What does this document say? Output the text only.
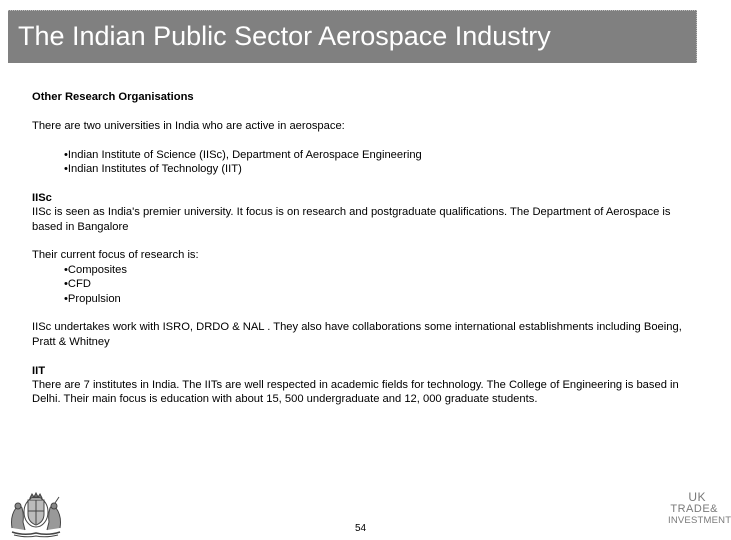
The Indian Public Sector Aerospace Industry

Other Research Organisations

There are two universities in India who are active in aerospace:

•Indian Institute of Science (IISc), Department of Aerospace Engineering

•Indian Institutes of Technology (IIT)

IISc

IISc is seen as India's premier university. It focus is on research and postgraduate qualifications. The Department of Aerospace is based in Bangalore

Their current focus of research is:

•Composites

•CFD

•Propulsion

IISc undertakes work with ISRO, DRDO & NAL . They also have collaborations some international establishments including Boeing, Pratt & Whitney

IIT

There are 7 institutes in India. The IITs are well respected in academic fields for technology. The College of Engineering is based in Delhi. Their main focus is education with about 15, 500 undergraduate and 12, 000 graduate students.

54
UK
TRADE&
INVESTMENT
